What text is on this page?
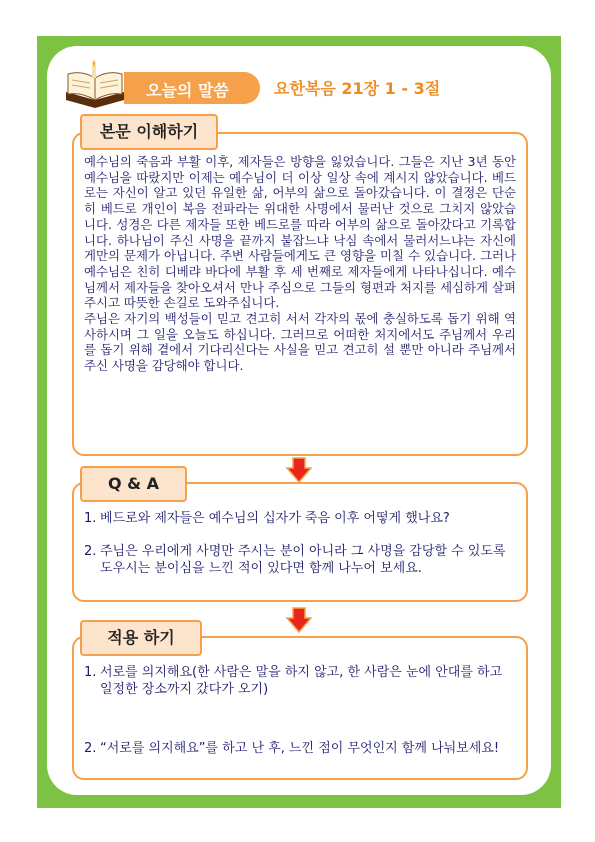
오늘의 말씀	요한복음 21장 1 - 3절
본문 이해하기

예수님의 죽음과 부활 이후, 제자들은 방향을 잃었습니다. 그들은 지난 3년 동안 예수님을 따랐지만 이제는 예수님이 더 이상 일상 속에 계시지 않았습니다. 베드로는 자신이 알고 있던 유일한 삶, 어부의 삶으로 돌아갔습니다. 이 결정은 단순히 베드로 개인이 복음 전파라는 위대한 사명에서 물러난 것으로 그치지 않았습니다. 성경은 다른 제자들 또한 베드로를 따라 어부의 삶으로 돌아갔다고 기록합니다. 하나님이 주신 사명을 끝까지 붙잡느냐 낙심 속에서 물러서느냐는 자신에게만의 문제가 아닙니다. 주변 사람들에게도 큰 영향을 미칠 수 있습니다. 그러나 예수님은 친히 디베랴 바다에 부활 후 세 번째로 제자들에게 나타나십니다. 예수님께서 제자들을 찾아오셔서 만나 주심으로 그들의 형편과 처지를 세심하게 살펴주시고 따뜻한 손길로 도와주십니다.

주님은 자기의 백성들이 믿고 견고히 서서 각자의 몫에 충실하도록 돕기 위해 역사하시며 그 일을 오늘도 하십니다. 그러므로 어떠한 처지에서도 주님께서 우리를 돕기 위해 곁에서 기다리신다는 사실을 믿고 견고히 설 뿐만 아니라 주님께서 주신 사명을 감당해야 합니다.

Q & A
1. 베드로와 제자들은 예수님의 십자가 죽음 이후 어떻게 했나요?
2. 주님은 우리에게 사명만 주시는 분이 아니라 그 사명을 감당할 수 있도록 도우시는 분이심을 느낀 적이 있다면 함께 나누어 보세요.
적용 하기
1. 서로를 의지해요(한 사람은 말을 하지 않고, 한 사람은 눈에 안대를 하고 일정한 장소까지 갔다가 오기)
2. “서로를 의지해요”를 하고 난 후, 느낀 점이 무엇인지 함께 나눠보세요!
